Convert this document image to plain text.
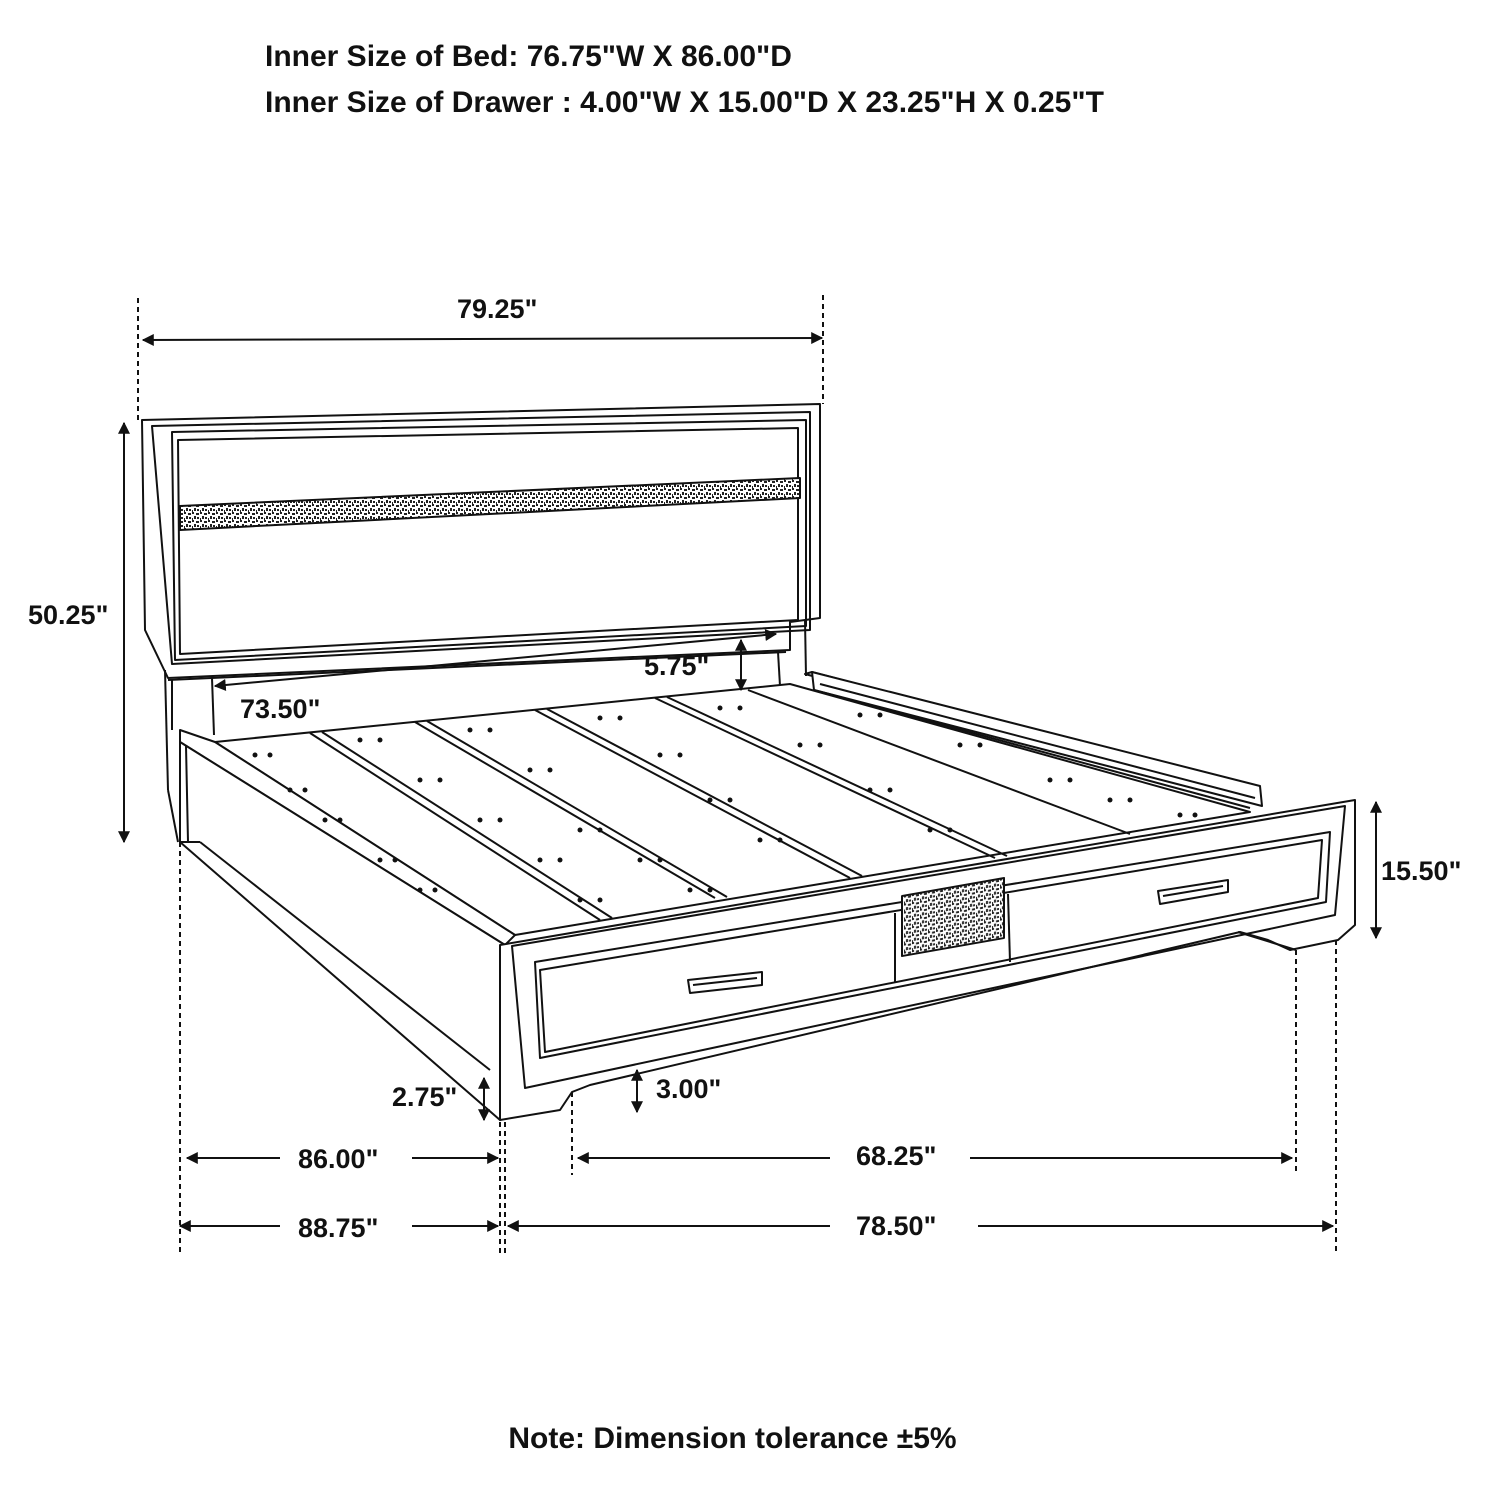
Inner Size of Bed: 76.75"W X 86.00"D
Inner Size of Drawer : 4.00"W X 15.00"D X 23.25"H X 0.25"T
79.25"
50.25"
5.75"
73.50"
15.50"
2.75"	3.00"
86.00"	68.25"
88.75"	78.50"
Note: Dimension tolerance ±5%
